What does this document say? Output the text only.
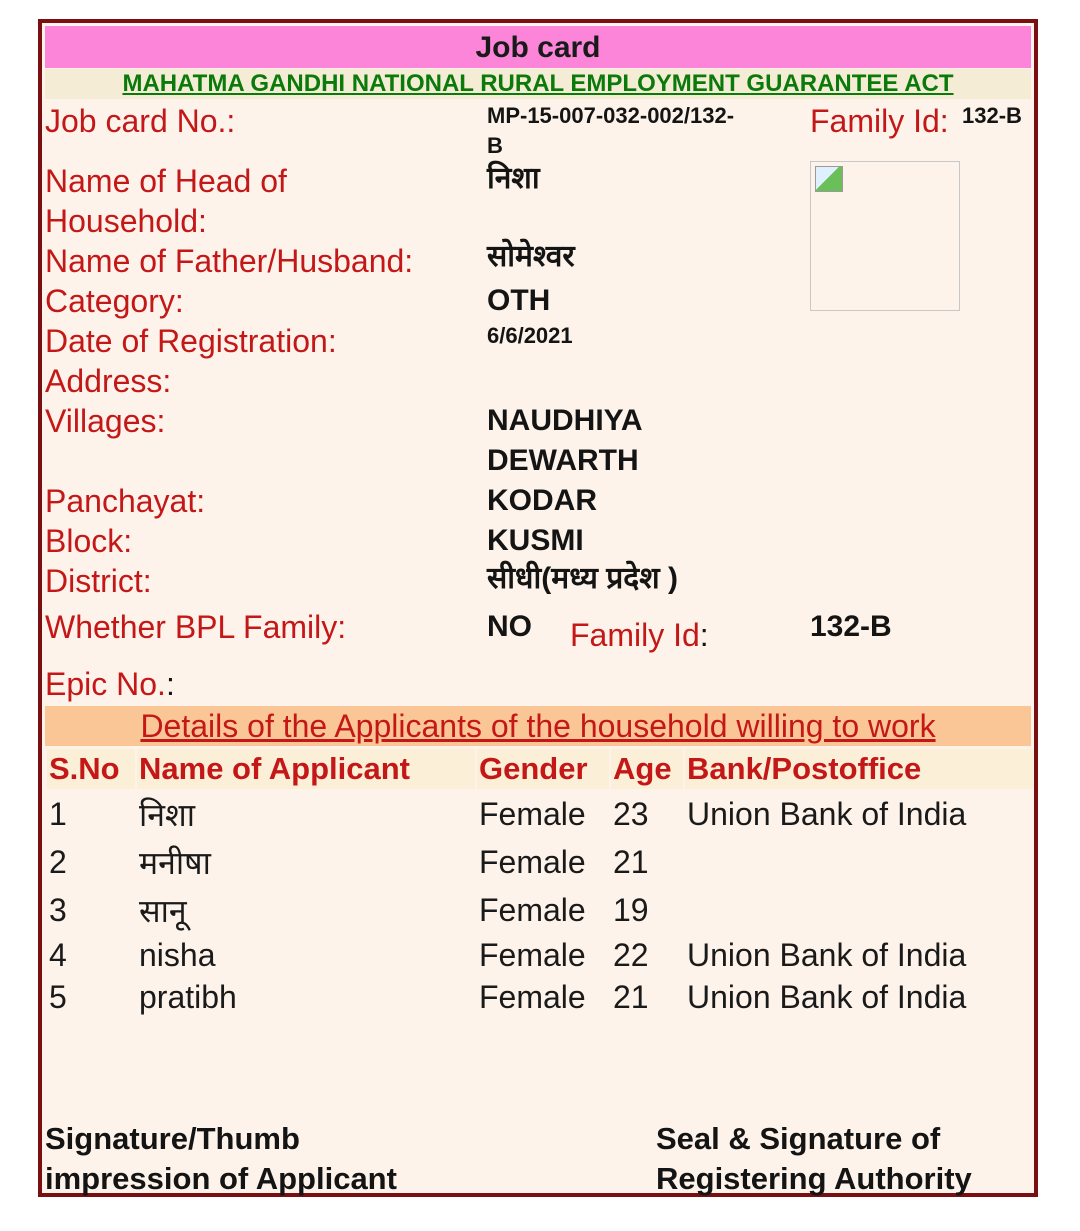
Job card
MAHATMA GANDHI NATIONAL RURAL EMPLOYMENT GUARANTEE ACT
Job card No.:	MP-15-007-032-002/132-
B
Family Id: 132-B
Name of Head of
Household:
निशा
Name of Father/Husband: सोमेश्वर
Category:	OTH
Date of Registration:	6/6/2021
Address:
Villages:	NAUDHIYA
DEWARTH
Panchayat:	KODAR
Block:	KUSMI
District:	सीधी(मध्य प्रदेश )
Whether BPL Family:	NO Family Id:	132-B
Epic No.:
Details of the Applicants of the household willing to work
S.No	Name of Applicant	Gender	Age	Bank/Postoffice
1	निशा	Female	23	Union Bank of India
2	मनीषा	Female	21	
3	सानू	Female	19	
4	nisha	Female	22	Union Bank of India
5	pratibh	Female	21	Union Bank of India
Signature/Thumb
impression of Applicant
Seal & Signature of
Registering Authority
